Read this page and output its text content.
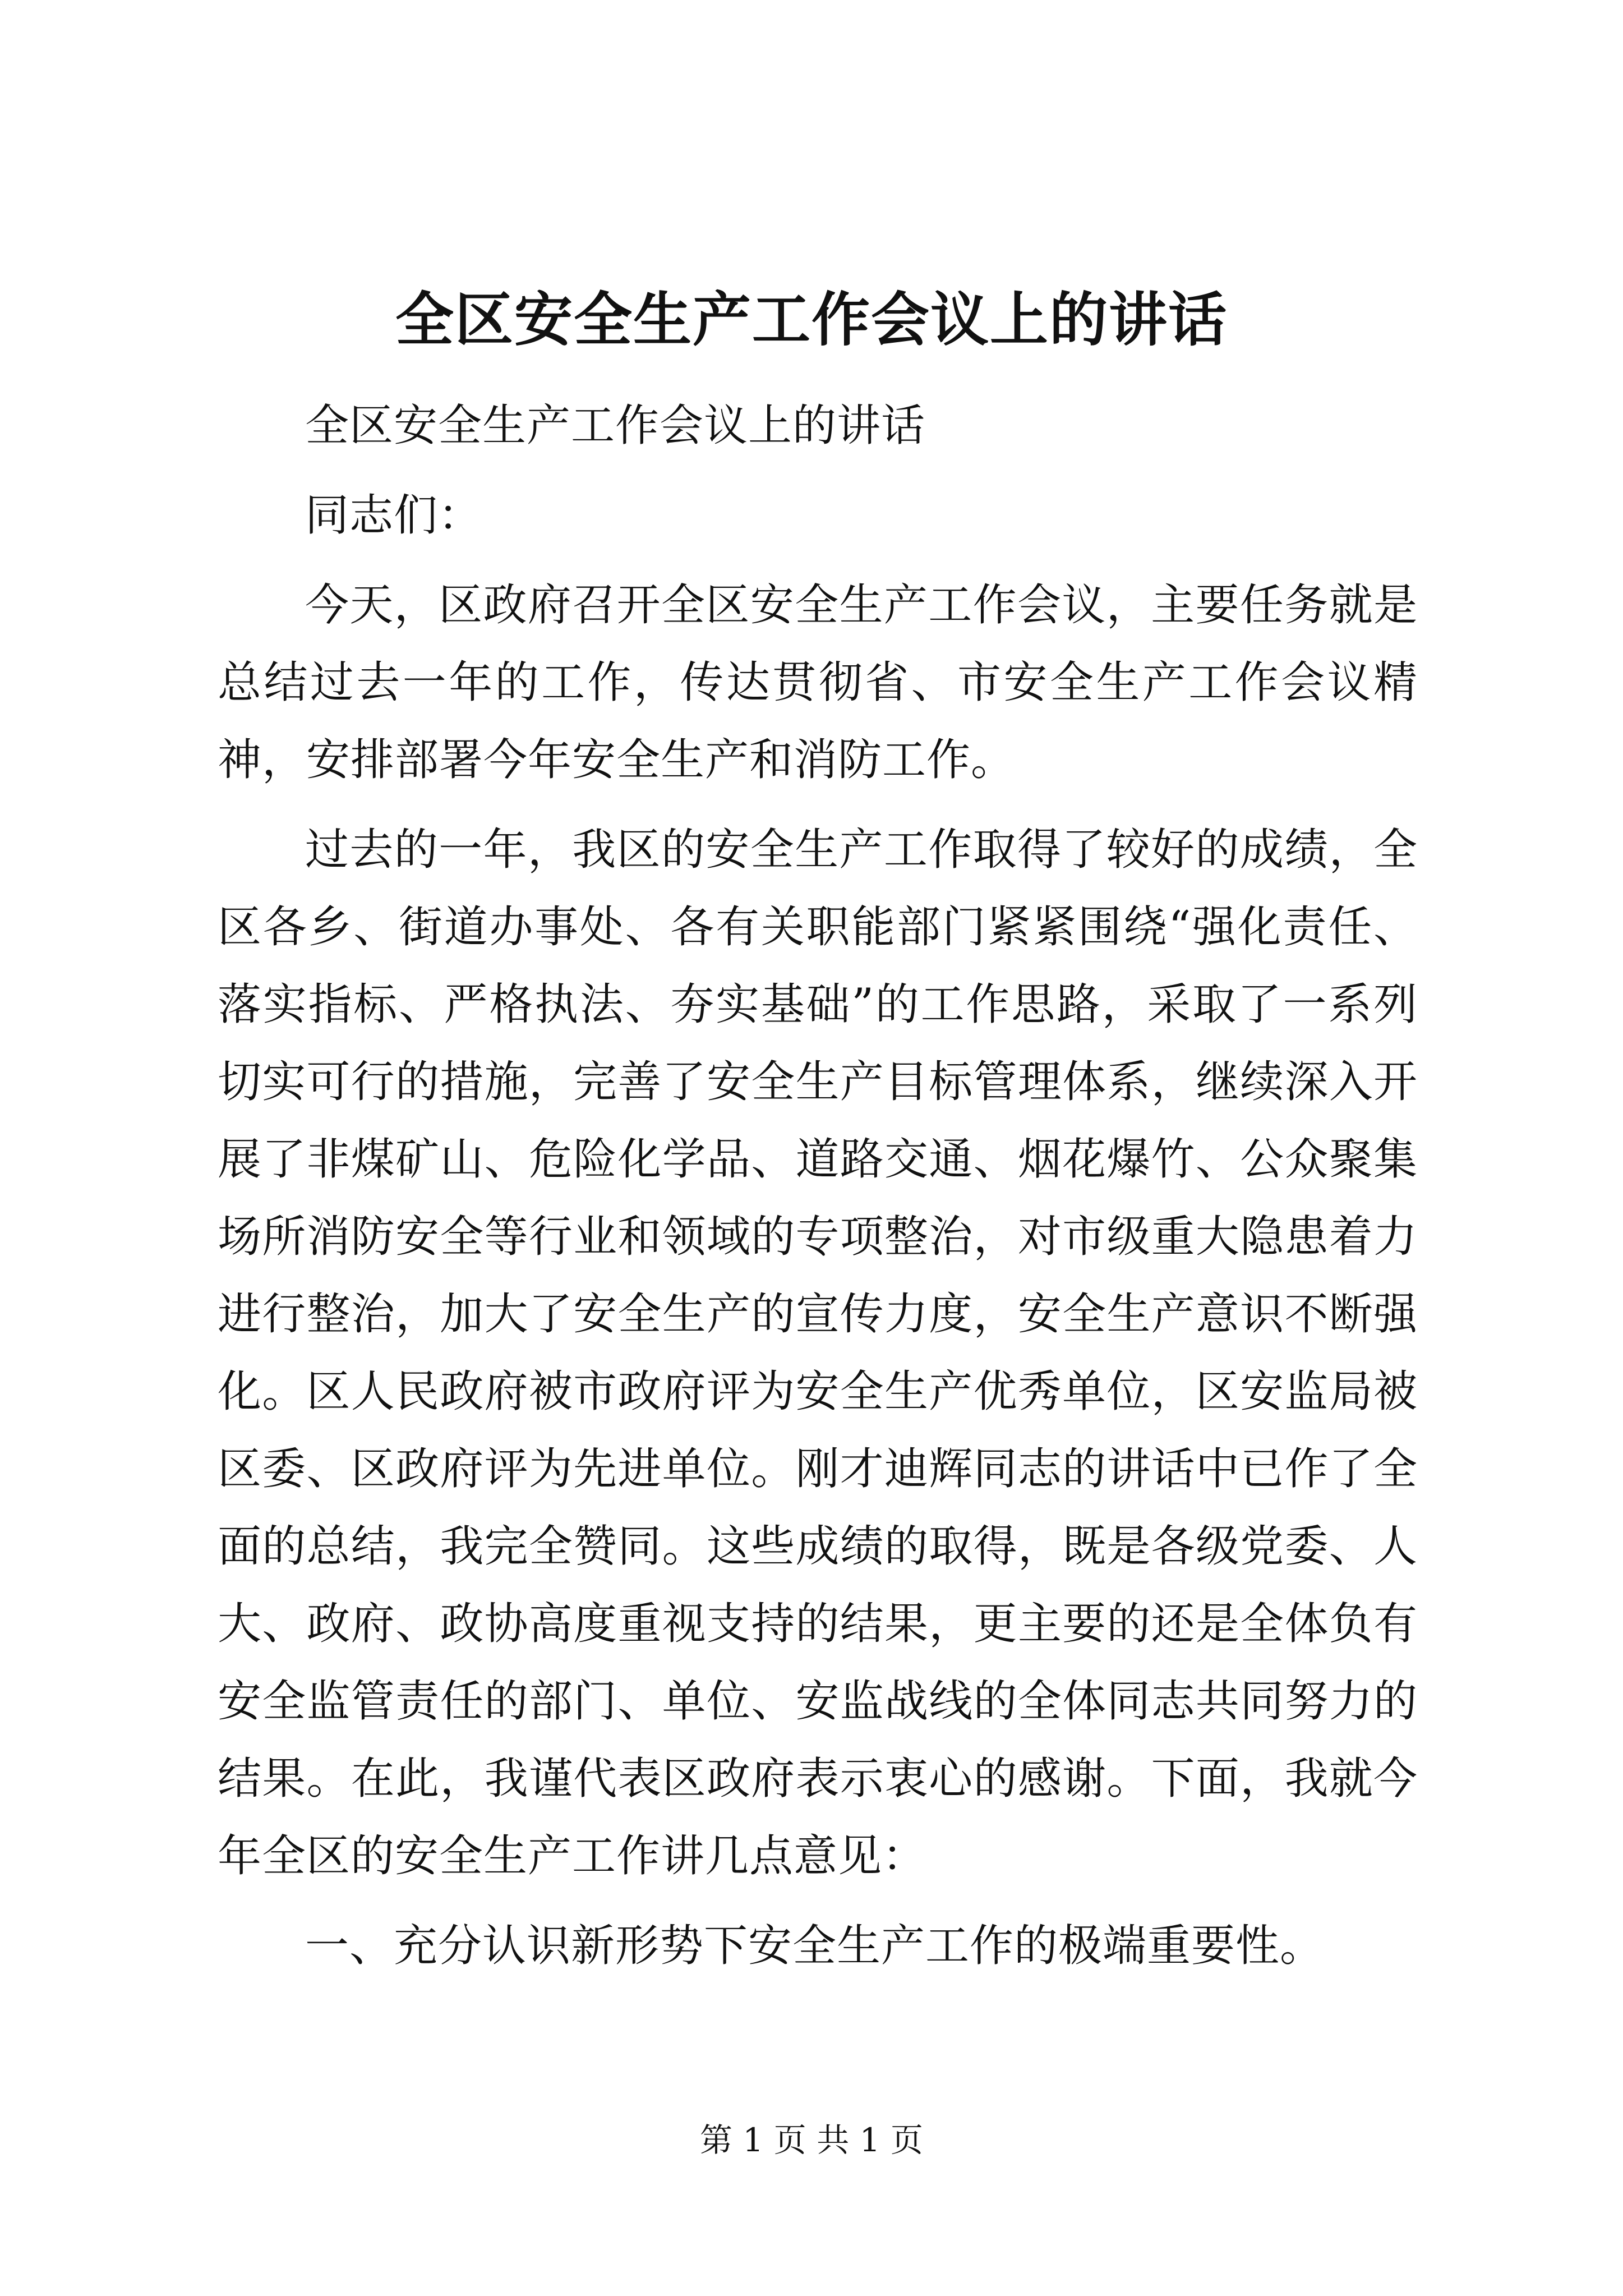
全区安全生产工作会议上的讲话

全区安全生产工作会议上的讲话

同志们：

今天，区政府召开全区安全生产工作会议，主要任务就是总结过去一年的工作，传达贯彻省、市安全生产工作会议精神，安排部署今年安全生产和消防工作。

过去的一年，我区的安全生产工作取得了较好的成绩，全区各乡、街道办事处、各有关职能部门紧紧围绕“强化责任、落实指标、严格执法、夯实基础”的工作思路，采取了一系列切实可行的措施，完善了安全生产目标管理体系，继续深入开展了非煤矿山、危险化学品、道路交通、烟花爆竹、公众聚集场所消防安全等行业和领域的专项整治，对市级重大隐患着力进行整治，加大了安全生产的宣传力度，安全生产意识不断强化。区人民政府被市政府评为安全生产优秀单位，区安监局被区委、区政府评为先进单位。刚才迪辉同志的讲话中已作了全面的总结，我完全赞同。这些成绩的取得，既是各级党委、人大、政府、政协高度重视支持的结果，更主要的还是全体负有安全监管责任的部门、单位、安监战线的全体同志共同努力的结果。在此，我谨代表区政府表示衷心的感谢。下面，我就今年全区的安全生产工作讲几点意见：

一、充分认识新形势下安全生产工作的极端重要性。

第 1 页 共 1 页
